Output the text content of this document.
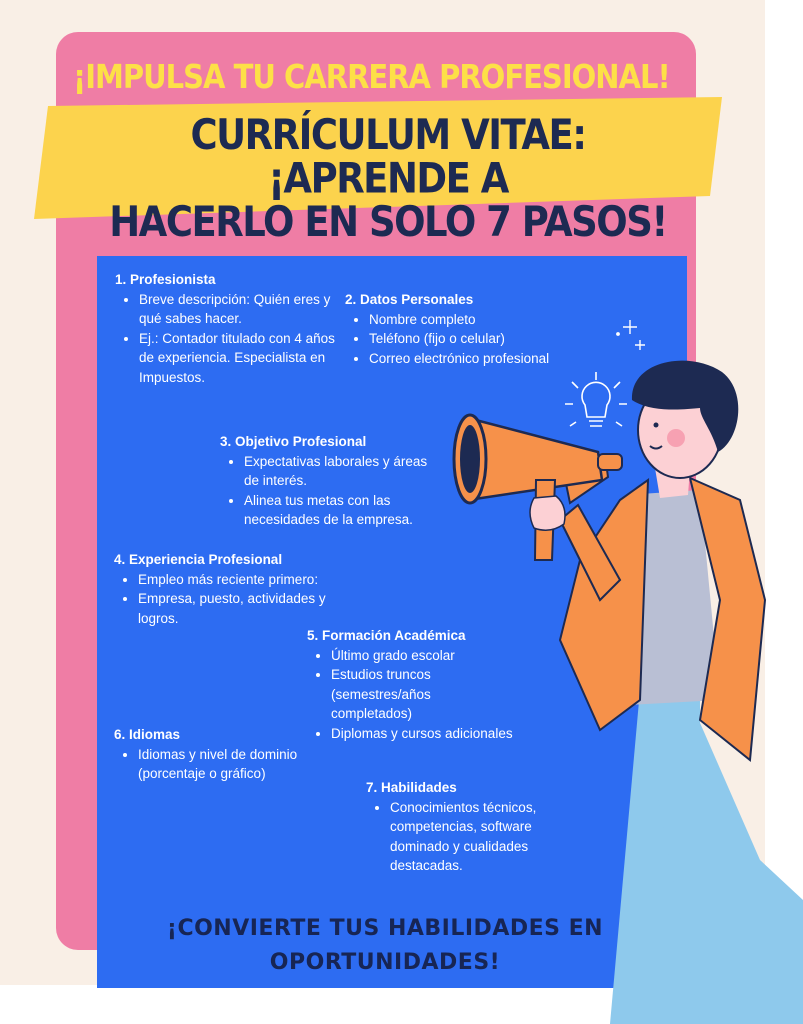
¡IMPULSA TU CARRERA PROFESIONAL!
CURRÍCULUM VITAE: ¡APRENDE A
HACERLO EN SOLO 7 PASOS!
1. Profesionista
• Breve descripción: Quién eres y qué sabes hacer.
• Ej.: Contador titulado con 4 años de experiencia. Especialista en Impuestos.
2. Datos Personales
• Nombre completo
• Teléfono (fijo o celular)
• Correo electrónico profesional
3. Objetivo Profesional
• Expectativas laborales y áreas de interés.
• Alinea tus metas con las necesidades de la empresa.
4. Experiencia Profesional
• Empleo más reciente primero:
• Empresa, puesto, actividades y logros.
5. Formación Académica
• Último grado escolar
• Estudios truncos (semestres/años completados)
• Diplomas y cursos adicionales
6. Idiomas
• Idiomas y nivel de dominio (porcentaje o gráfico)
7. Habilidades
• Conocimientos técnicos, competencias, software dominado y cualidades destacadas.
¡CONVIERTE TUS HABILIDADES EN
OPORTUNIDADES!
